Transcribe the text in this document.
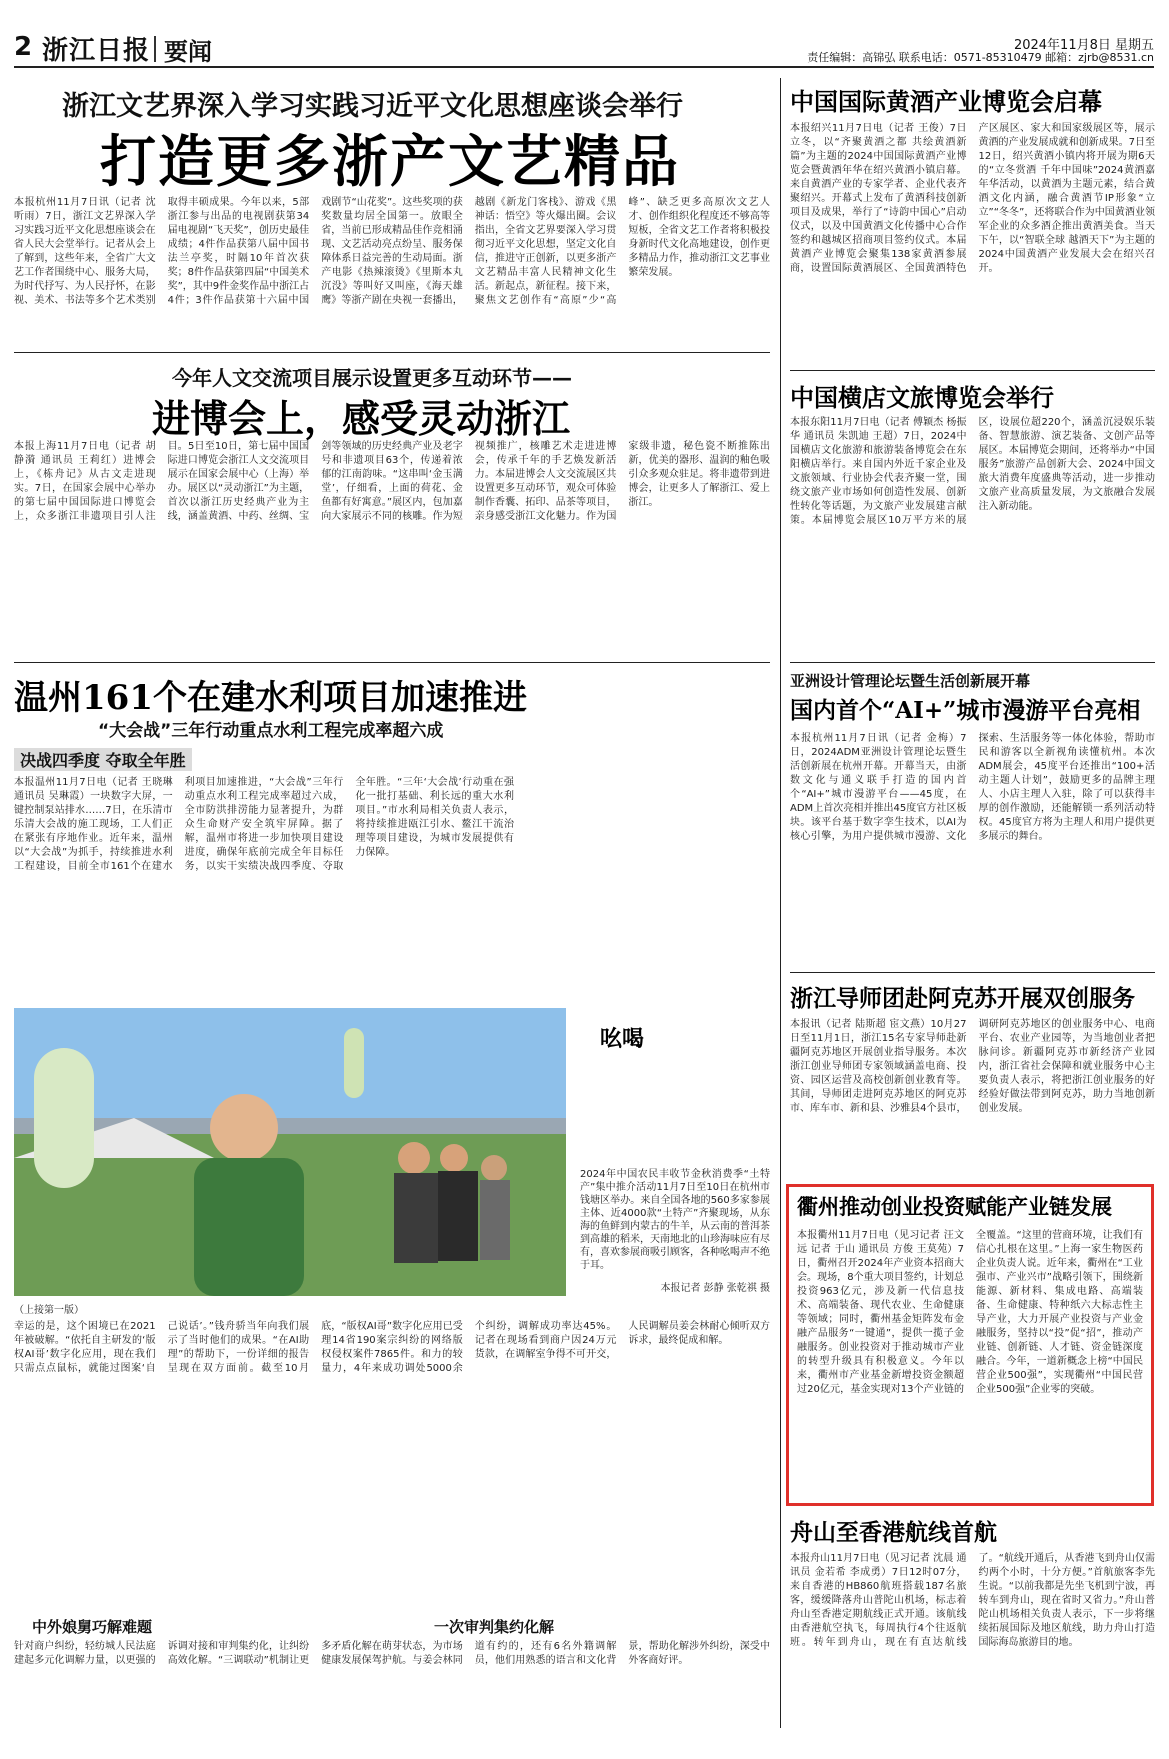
2 浙江日报 要闻	2024年11月8日 星期五
责任编辑：高锦弘 联系电话：0571-85310479 邮箱：zjrb@8531.cn
浙江文艺界深入学习实践习近平文化思想座谈会举行
打造更多浙产文艺精品
本报杭州11月7日讯（记者 沈听雨）7日，浙江文艺界深入学习实践习近平文化思想座谈会在省人民大会堂举行。记者从会上了解到，这些年来，全省广大文艺工作者围绕中心、服务大局，为时代抒写、为人民抒怀，在影视、美术、书法等多个艺术类别取得丰硕成果。今年以来，5部浙江参与出品的电视剧获第34届电视剧“飞天奖”，创历史最佳成绩；4件作品获第八届中国书法兰亭奖，时隔10年首次获奖；8件作品获第四届“中国美术奖”，其中9件金奖作品中浙江占4件；3件作品获第十六届中国戏剧节“山花奖”。这些奖项的获奖数量均居全国第一。放眼全省，当前已形成精品佳作竞相涌现、文艺活动亮点纷呈、服务保障体系日益完善的生动局面。浙产电影《热辣滚烫》《里斯本丸沉没》等叫好又叫座，《海天雄鹰》等浙产剧在央视一套播出，越剧《新龙门客栈》、游戏《黑神话：悟空》等火爆出圈。会议指出，全省文艺界要深入学习贯彻习近平文化思想，坚定文化自信，推进守正创新，以更多浙产文艺精品丰富人民精神文化生活。新起点，新征程。接下来，聚焦文艺创作有“高原”少“高峰”、缺乏更多高原次文艺人才、创作组织化程度还不够高等短板，全省文艺工作者将积极投身新时代文化高地建设，创作更多精品力作，推动浙江文艺事业繁荣发展。
今年人文交流项目展示设置更多互动环节——
进博会上，感受灵动浙江
本报上海11月7日电（记者 胡静漪 通讯员 王莉红）进博会上，《栋舟记》从古文走进现实。7日，在国家会展中心举办的第七届中国国际进口博览会上，众多浙江非遗项目引人注目。5日至10日，第七届中国国际进口博览会浙江人文交流项目展示在国家会展中心（上海）举办。展区以“灵动浙江”为主题，首次以浙江历史经典产业为主线，涵盖黄酒、中药、丝绸、宝剑等领域的历史经典产业及老字号和非遗项目63个，传递着浓郁的江南韵味。“这串叫‘金玉满堂’，仔细看，上面的荷花、金鱼都有好寓意。”展区内，包加嘉向大家展示不同的核雕。作为短视频推广，核雕艺术走进进博会，传承千年的手艺焕发新活力。本届进博会人文交流展区共设置更多互动环节，观众可体验制作香囊、拓印、品茶等项目，亲身感受浙江文化魅力。作为国家级非遗，秘色瓷不断推陈出新，优美的器形、温润的釉色吸引众多观众驻足。将非遗带到进博会，让更多人了解浙江、爱上浙江。
温州161个在建水利项目加速推进
“大会战”三年行动重点水利工程完成率超六成
决战四季度 夺取全年胜
本报温州11月7日电（记者 王晓琳 通讯员 吴琳霞）一块数字大屏，一键控制泵站排水……7日，在乐清市乐清大会战的施工现场，工人们正在紧张有序地作业。近年来，温州以“大会战”为抓手，持续推进水利工程建设，目前全市161个在建水利项目加速推进，“大会战”三年行动重点水利工程完成率超过六成，全市防洪排涝能力显著提升，为群众生命财产安全筑牢屏障。据了解，温州市将进一步加快项目建设进度，确保年底前完成全年目标任务，以实干实绩决战四季度、夺取全年胜。“三年‘大会战’行动重在强化一批打基础、利长远的重大水利项目。”市水利局相关负责人表示，将持续推进瓯江引水、鳌江干流治理等项目建设，为城市发展提供有力保障。
吆喝
2024年中国农民丰收节金秋消费季“土特产”集中推介活动11月7日至10日在杭州市钱塘区举办。来自全国各地的560多家参展主体、近4000款“土特产”齐聚现场，从东海的鱼鲜到内蒙古的牛羊，从云南的普洱茶到高雄的稻米，天南地北的山珍海味应有尽有，喜欢参展商吸引顾客，各种吆喝声不绝于耳。
本报记者 彭静 张乾祺 摄
（上接第一版）
幸运的是，这个困境已在2021年被破解。“依托自主研发的‘版权AI哥’数字化应用，现在我们只需点点鼠标，就能过图案‘自己说话’。”钱舟骄当年向我们展示了当时他们的成果。“在AI助理”的帮助下，一份详细的报告呈现在双方面前。截至10月底，“版权AI哥”数字化应用已受理14省190案宗纠纷的网络版权侵权案件7865件。和力的较量力，4年来成功调处5000余个纠纷，调解成功率达45%。记者在现场看到商户因24万元货款，在调解室争得不可开交，人民调解员姜会林耐心倾听双方诉求，最终促成和解。
中外娘舅巧解难题	一次审判集约化解
针对商户纠纷，轻纺城人民法庭建起多元化调解力量，以更强的诉调对接和审判集约化，让纠纷高效化解。“三调联动”机制让更多矛盾化解在萌芽状态，为市场健康发展保驾护航。与姜会林同道有约的，还有6名外籍调解员，他们用熟悉的语言和文化背景，帮助化解涉外纠纷，深受中外客商好评。
中国国际黄酒产业博览会启幕
本报绍兴11月7日电（记者 王俊）7日立冬，以“齐聚黄酒之都 共绘黄酒新篇”为主题的2024中国国际黄酒产业博览会暨黄酒年华在绍兴黄酒小镇启幕。来自黄酒产业的专家学者、企业代表齐聚绍兴。开幕式上发布了黄酒科技创新项目及成果，举行了“诗韵中国心”启动仪式，以及中国黄酒文化传播中心合作签约和越城区招商项目签约仪式。本届黄酒产业博览会聚集138家黄酒参展商，设置国际黄酒展区、全国黄酒特色产区展区、家大和国家级展区等，展示黄酒的产业发展成就和创新成果。7日至12日，绍兴黄酒小镇内将开展为期6天的“立冬赏酒 千年中国味”2024黄酒嘉年华活动，以黄酒为主题元素，结合黄酒文化内涵，融合黄酒节IP形象“立立”“冬冬”，还将联合作为中国黄酒业领军企业的众多酒企推出黄酒美食。当天下午，以“智联全球 越酒天下”为主题的2024中国黄酒产业发展大会在绍兴召开。
中国横店文旅博览会举行
本报东阳11月7日电（记者 傅颖杰 杨振华 通讯员 朱凯迪 王超）7日，2024中国横店文化旅游和旅游装备博览会在东阳横店举行。来自国内外近千家企业及文旅领域、行业协会代表齐聚一堂，围绕文旅产业市场如何创造性发展、创新性转化等话题，为文旅产业发展建言献策。本届博览会展区10万平方米的展区，设展位超220个，涵盖沉浸娱乐装备、智慧旅游、演艺装备、文创产品等展区。本届博览会期间，还将举办“中国服务”旅游产品创新大会、2024中国文旅大消费年度盛典等活动，进一步推动文旅产业高质量发展，为文旅融合发展注入新动能。
亚洲设计管理论坛暨生活创新展开幕
国内首个“AI+”城市漫游平台亮相
本报杭州11月7日讯（记者 金梅）7日，2024ADM亚洲设计管理论坛暨生活创新展在杭州开幕。开幕当天，由浙数文化与通义联手打造的国内首个“AI+”城市漫游平台——45度，在ADM上首次亮相并推出45度官方社区板块。该平台基于数字孪生技术，以AI为核心引擎，为用户提供城市漫游、文化探索、生活服务等一体化体验，帮助市民和游客以全新视角读懂杭州。本次ADM展会，45度平台还推出“100+活动主题人计划”，鼓励更多的品牌主理人、小店主理人入驻，除了可以获得丰厚的创作激励，还能解锁一系列活动特权。45度官方将为主理人和用户提供更多展示的舞台。
浙江导师团赴阿克苏开展双创服务
本报讯（记者 陆斯超 宦文燕）10月27日至11月1日，浙江15名专家导师赴新疆阿克苏地区开展创业指导服务。本次浙江创业导师团专家领域涵盖电商、投资、园区运营及高校创新创业教育等。其间，导师团走进阿克苏地区的阿克苏市、库车市、新和县、沙雅县4个县市，调研阿克苏地区的创业服务中心、电商平台、农业产业园等，为当地创业者把脉问诊。新疆阿克苏市新经济产业园内，浙江省社会保障和就业服务中心主要负责人表示，将把浙江创业服务的好经验好做法带到阿克苏，助力当地创新创业发展。
衢州推动创业投资赋能产业链发展
本报衢州11月7日电（见习记者 汪文远 记者 于山 通讯员 方俊 王莫苑）7日，衢州召开2024年产业资本招商大会。现场，8个重大项目签约，计划总投资963亿元，涉及新一代信息技术、高端装备、现代农业、生命健康等领域；同时，衢州基金矩阵发布金融产品服务“一键通”，提供一揽子金融服务。创业投资对于推动城市产业的转型升级具有积极意义。今年以来，衢州市产业基金新增投资金额超过20亿元，基金实现对13个产业链的全覆盖。“这里的营商环境，让我们有信心扎根在这里。”上海一家生物医药企业负责人说。近年来，衢州在“工业强市、产业兴市”战略引领下，围绕新能源、新材料、集成电路、高端装备、生命健康、特种纸六大标志性主导产业，大力开展产业投资与产业金融服务，坚持以“投”促“招”，推动产业链、创新链、人才链、资金链深度融合。今年，一道新概念上榜“中国民营企业500强”，实现衢州“中国民营企业500强”企业零的突破。
舟山至香港航线首航
本报舟山11月7日电（见习记者 沈晨 通讯员 金若希 李成勇）7日12时07分，来自香港的HB860航班搭载187名旅客，缓缓降落舟山普陀山机场，标志着舟山至香港定期航线正式开通。该航线由香港航空执飞，每周执行4个往返航班。转年到舟山，现在有直达航线了。“航线开通后，从香港飞到舟山仅需约两个小时，十分方便。”首航旅客李先生说。“以前我都是先坐飞机到宁波，再转车到舟山，现在省时又省力。”舟山普陀山机场相关负责人表示，下一步将继续拓展国际及地区航线，助力舟山打造国际海岛旅游目的地。
